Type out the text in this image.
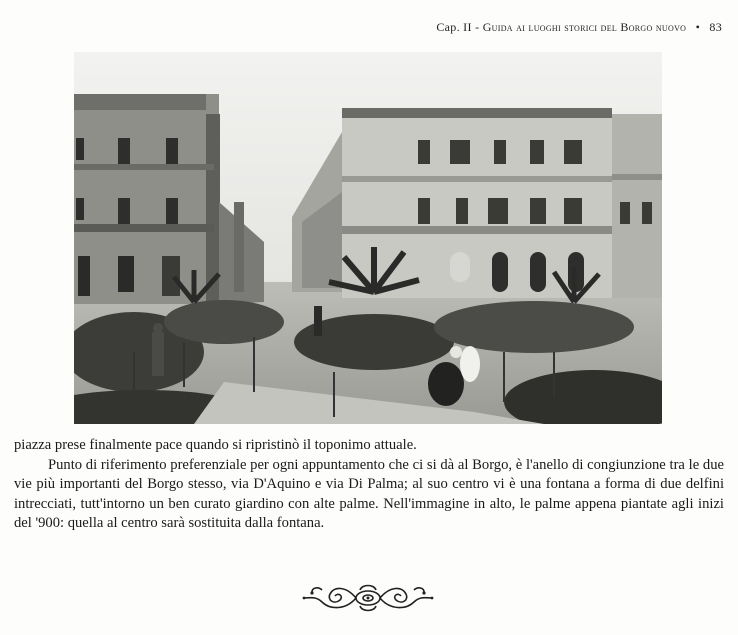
Cap. II - Guida ai luoghi storici del Borgo nuovo • 83

piazza prese finalmente pace quando si ripristinò il toponimo attuale.

Punto di riferimento preferenziale per ogni appuntamento che ci si dà al Borgo, è l'anello di congiunzione tra le due vie più importanti del Borgo stesso, via D'Aquino e via Di Palma; al suo centro vi è una fontana a forma di due delfini intrecciati, tutt'intorno un ben curato giardino con alte palme. Nell'immagine in alto, le palme appena piantate agli inizi del '900: quella al centro sarà sostituita dalla fontana.
